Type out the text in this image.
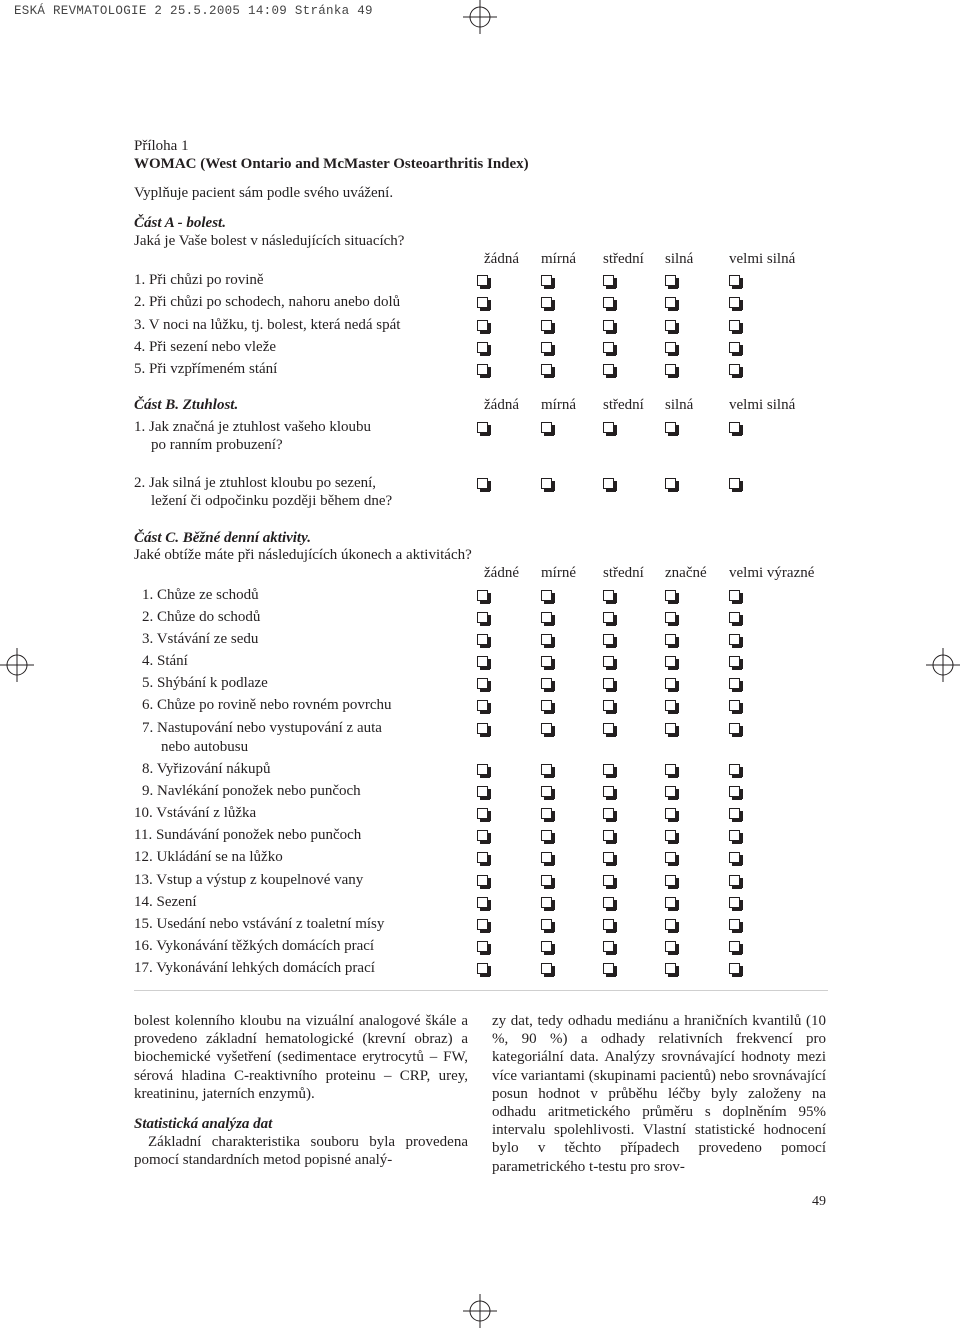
ESKÁ REVMATOLOGIE 2 25.5.2005 14:09 Stránka 49
Příloha 1
WOMAC (West Ontario and McMaster Osteoarthritis Index)
Vyplňuje pacient sám podle svého uvážení.
Část A - bolest.
Jaká je Vaše bolest v následujících situacích?
žádná mírná střední silná velmi silná
1. Při chůzi po rovině
2. Při chůzi po schodech, nahoru anebo dolů
3. V noci na lůžku, tj. bolest, která nedá spát
4. Při sezení nebo vleže
5. Při vzpřímeném stání
Část B. Ztuhlost.	žádná mírná střední silná velmi silná
1. Jak značná je ztuhlost vašeho kloubu
po ranním probuzení?
2. Jak silná je ztuhlost kloubu po sezení,
ležení či odpočinku později během dne?
Část C. Běžné denní aktivity.
Jaké obtíže máte při následujících úkonech a aktivitách?
žádné mírné střední značné velmi výrazné
1. Chůze ze schodů
2. Chůze do schodů
3. Vstávání ze sedu
4. Stání
5. Shýbání k podlaze
6. Chůze po rovině nebo rovném povrchu
7. Nastupování nebo vystupování z auta
8. Vyřizování nákupů
9. Navlékání ponožek nebo punčoch
10. Vstávání z lůžka
11. Sundávání ponožek nebo punčoch
12. Ukládání se na lůžko
13. Vstup a výstup z koupelnové vany
14. Sezení
15. Usedání nebo vstávání z toaletní mísy
16. Vykonávání těžkých domácích prací
17. Vykonávání lehkých domácích prací
nebo autobusu

bolest kolenního kloubu na vizuální analogové škále a provedeno základní hematologické (krevní obraz) a biochemické vyšetření (sedimentace erytrocytů – FW, sérová hladina C-reaktivního proteinu – CRP, urey, kreatininu, jaterních enzymů).

Statistická analýza dat

Základní charakteristika souboru byla provedena pomocí standardních metod popisné analý-

zy dat, tedy odhadu mediánu a hraničních kvantilů (10 %, 90 %) a odhady relativních frekvencí pro kategoriální data. Analýzy srovnávající hodnoty mezi více variantami (skupinami pacientů) nebo srovnávající posun hodnot v průběhu léčby byly založeny na odhadu aritmetického průměru s doplněním 95% intervalu spolehlivosti. Vlastní statistické hodnocení bylo v těchto případech provedeno pomocí parametrického t-testu pro srov-

49
